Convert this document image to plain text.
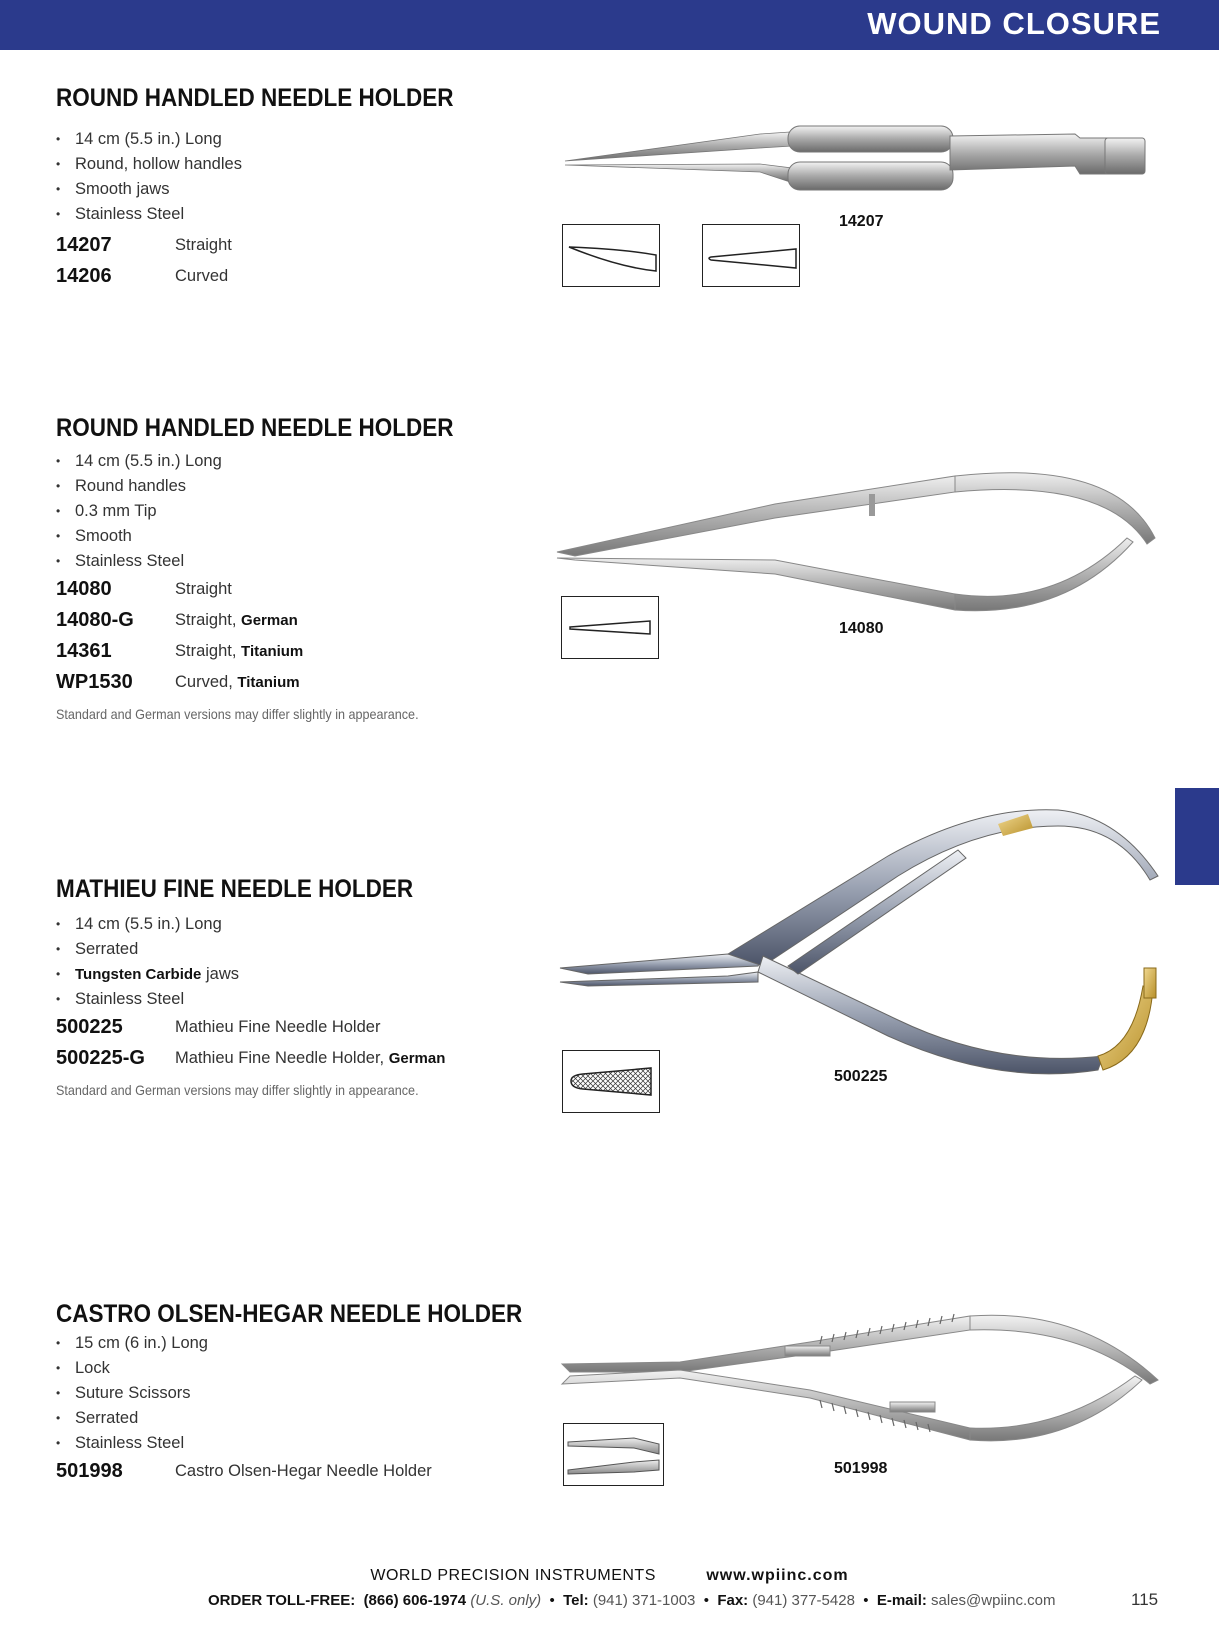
WOUND CLOSURE
ROUND HANDLED NEEDLE HOLDER
• 14 cm (5.5 in.) Long
• Round, hollow handles
• Smooth jaws
• Stainless Steel
14207	Straight
14206	Curved
14207
ROUND HANDLED NEEDLE HOLDER
• 14 cm (5.5 in.) Long
• Round handles
• 0.3 mm Tip
• Smooth
• Stainless Steel
14080	Straight
14080-G	Straight, German
14361	Straight, Titanium
WP1530	Curved, Titanium
Standard and German versions may differ slightly in appearance.
14080
MATHIEU FINE NEEDLE HOLDER
• 14 cm (5.5 in.) Long
• Serrated
• Tungsten Carbide jaws
• Stainless Steel
500225	Mathieu Fine Needle Holder
500225-G	Mathieu Fine Needle Holder, German
Standard and German versions may differ slightly in appearance.
500225
CASTRO OLSEN-HEGAR NEEDLE HOLDER
• 15 cm (6 in.) Long
• Lock
• Suture Scissors
• Serrated
• Stainless Steel
501998	Castro Olsen-Hegar Needle Holder	501998
WORLD PRECISION INSTRUMENTS	www.wpiinc.com
ORDER TOLL-FREE: (866) 606-1974 (U.S. only)  •  Tel: (941) 371-1003  •  Fax: (941) 377-5428  •  E-mail: sales@wpiinc.com	115
